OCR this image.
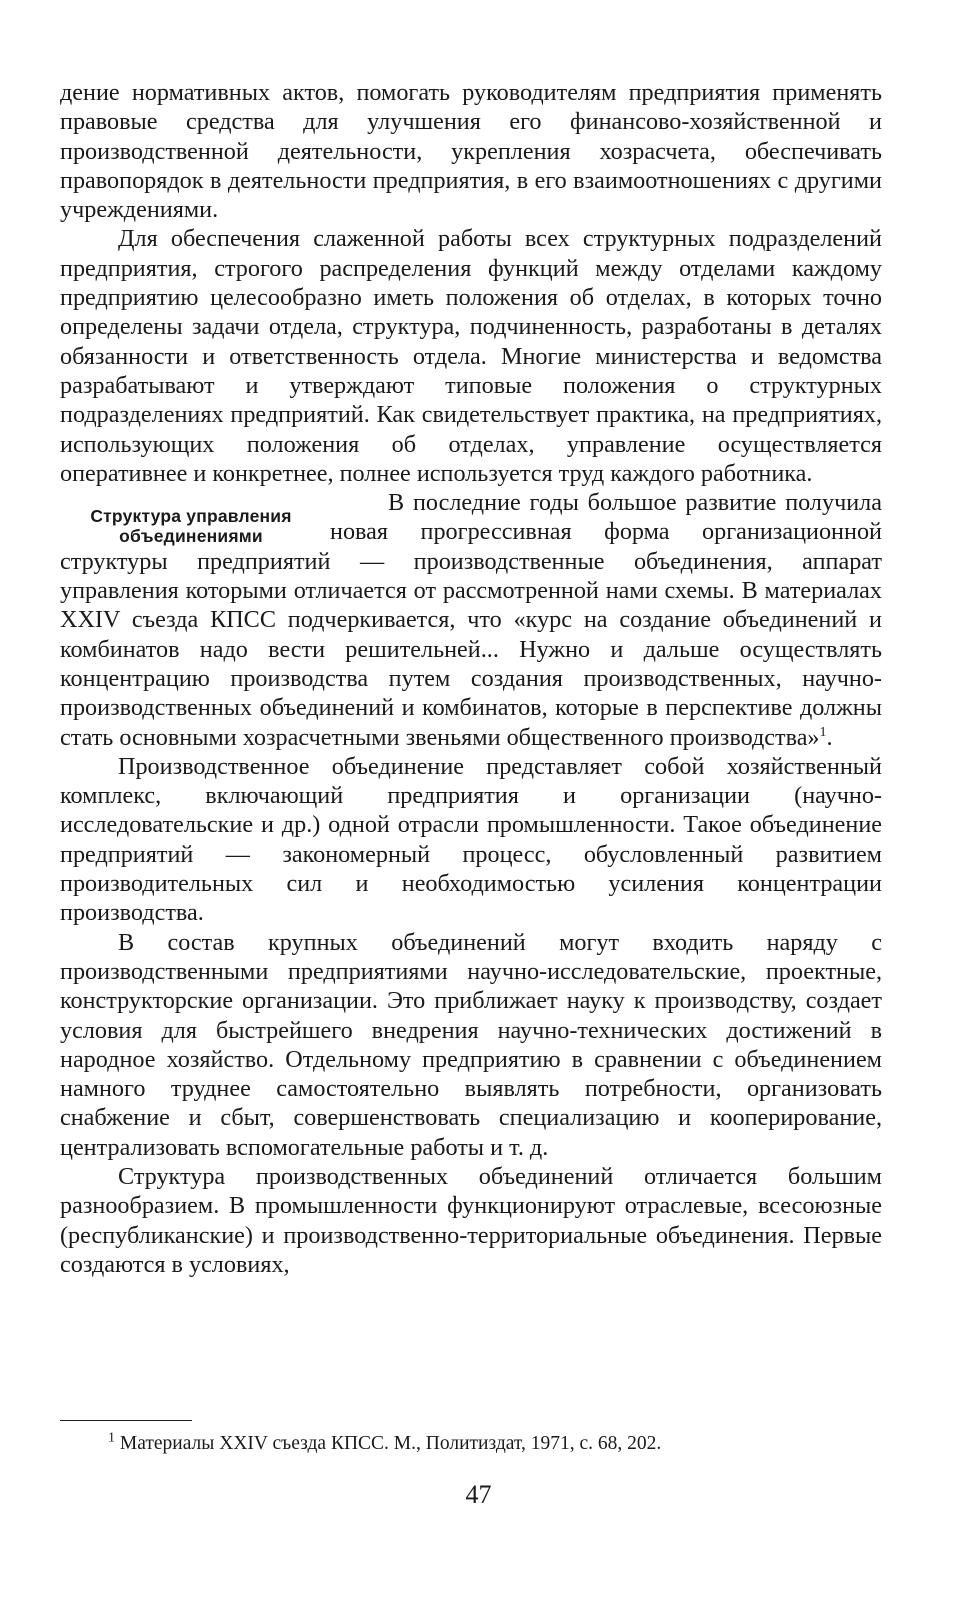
дение нормативных актов, помогать руководителям предприятия применять правовые средства для улучшения его финансово-хозяйственной и производственной деятельности, укрепления хозрасчета, обеспечивать правопорядок в деятельности предприятия, в его взаимоотношениях с другими учреждениями.

Для обеспечения слаженной работы всех структурных подразделений предприятия, строгого распределения функций между отделами каждому предприятию целесообразно иметь положения об отделах, в которых точно определены задачи отдела, структура, подчиненность, разработаны в деталях обязанности и ответственность отдела. Многие министерства и ведомства разрабатывают и утверждают типовые положения о структурных подразделениях предприятий. Как свидетельствует практика, на предприятиях, использующих положения об отделах, управление осуществляется оперативнее и конкретнее, полнее используется труд каждого работника.

Структура управления объединениями

В последние годы большое развитие получила новая прогрессивная форма организационной структуры предприятий — производственные объединения, аппарат управления которыми отличается от рассмотренной нами схемы. В материалах XXIV съезда КПСС подчеркивается, что «курс на создание объединений и комбинатов надо вести решительней... Нужно и дальше осуществлять концентрацию производства путем создания производственных, научно-производственных объединений и комбинатов, которые в перспективе должны стать основными хозрасчетными звеньями общественного производства»$^1$.

Производственное объединение представляет собой хозяйственный комплекс, включающий предприятия и организации (научно-исследовательские и др.) одной отрасли промышленности. Такое объединение предприятий — закономерный процесс, обусловленный развитием производительных сил и необходимостью усиления концентрации производства.

В состав крупных объединений могут входить наряду с производственными предприятиями научно-исследовательские, проектные, конструкторские организации. Это приближает науку к производству, создает условия для быстрейшего внедрения научно-технических достижений в народное хозяйство. Отдельному предприятию в сравнении с объединением намного труднее самостоятельно выявлять потребности, организовать снабжение и сбыт, совершенствовать специализацию и кооперирование, централизовать вспомогательные работы и т. д.

Структура производственных объединений отличается большим разнообразием. В промышленности функционируют отраслевые, всесоюзные (республиканские) и производственно-территориальные объединения. Первые создаются в условиях,

$^1$ Материалы XXIV съезда КПСС. М., Политиздат, 1971, с. 68, 202.

47
